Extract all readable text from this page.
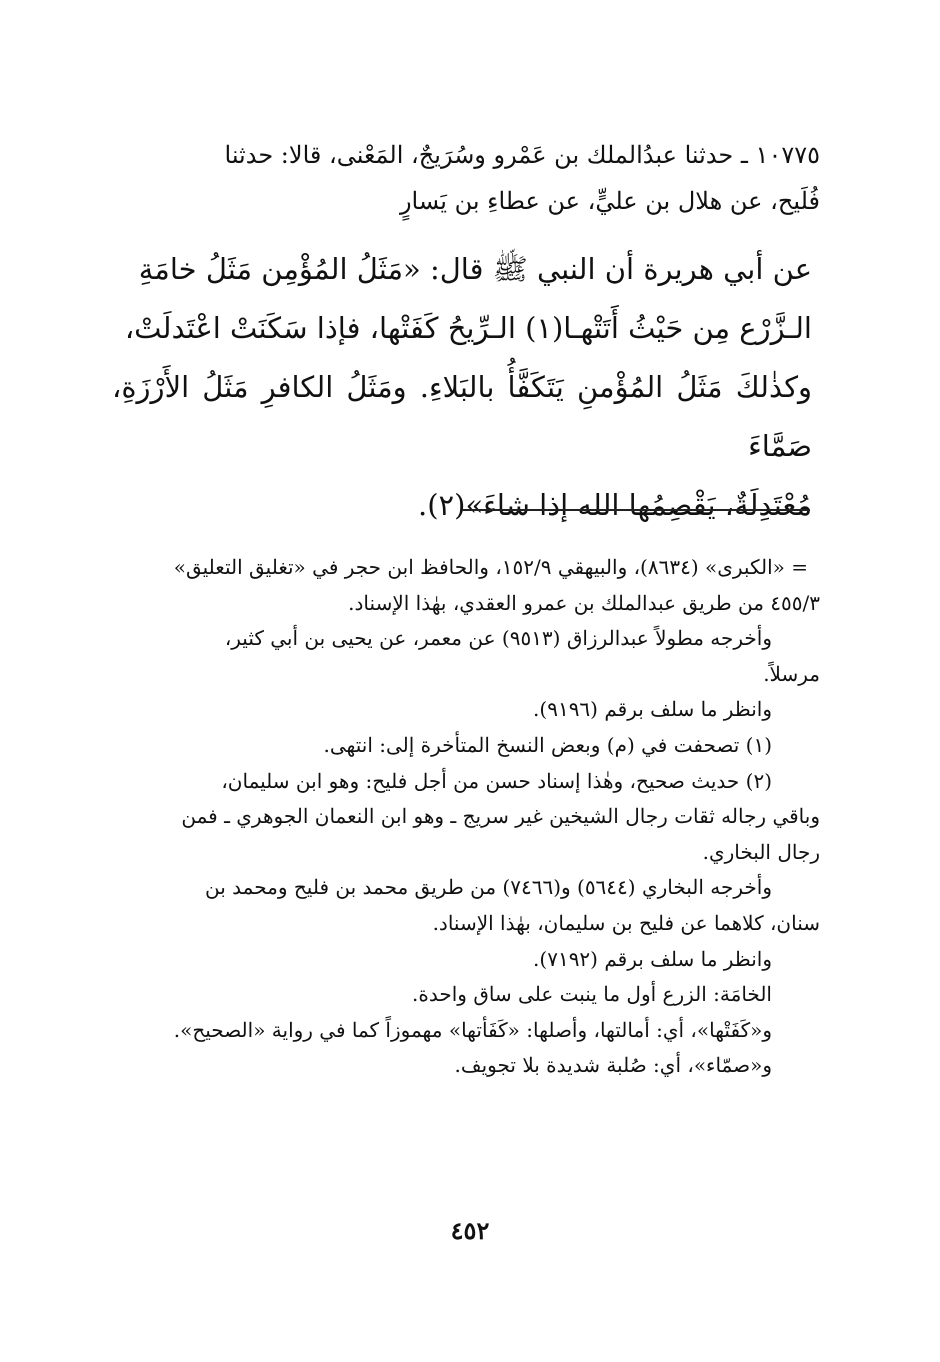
١٠٧٧٥ ـ حدثنا عبدُالملك بن عَمْرو وسُرَيجٌ، المَعْنى، قالا: حدثنا

فُلَيح، عن هلال بن عليٍّ، عن عطاءِ بن يَسارٍ

عن أبي هريرة أن النبي ﷺ قال: «مَثَلُ المُؤْمِن مَثَلُ خامَةِ

الـزَّرْع مِن حَيْثُ أَتَتْهـا(١) الـرِّيحُ كَفَتْها، فإذا سَكَنَتْ اعْتَدلَتْ،

وكذٰلكَ مَثَلُ المُؤْمنِ يَتَكَفَّأُ بالبَلاءِ. ومَثَلُ الكافرِ مَثَلُ الأَرْزَةِ، صَمَّاءَ

مُعْتَدِلَةٌ، يَقْصِمُها الله إذا شاءَ»(٢).

= «الكبرى» (٨٦٣٤)، والبيهقي ١٥٢/٩، والحافظ ابن حجر في «تغليق التعليق»

٤٥٥/٣ من طريق عبدالملك بن عمرو العقدي، بهٰذا الإسناد.

وأخرجه مطولاً عبدالرزاق (٩٥١٣) عن معمر، عن يحيى بن أبي كثير،

مرسلاً.

وانظر ما سلف برقم (٩١٩٦).

(١) تصحفت في (م) وبعض النسخ المتأخرة إلى: انتهى.

(٢) حديث صحيح، وهٰذا إسناد حسن من أجل فليح: وهو ابن سليمان،

وباقي رجاله ثقات رجال الشيخين غير سريج ـ وهو ابن النعمان الجوهري ـ فمن

رجال البخاري.

وأخرجه البخاري (٥٦٤٤) و(٧٤٦٦) من طريق محمد بن فليح ومحمد بن

سنان، كلاهما عن فليح بن سليمان، بهٰذا الإسناد.

وانظر ما سلف برقم (٧١٩٢).

الخامَة: الزرع أول ما ينبت على ساق واحدة.

و«كَفَتْها»، أي: أمالتها، وأصلها: «كَفَأتها» مهموزاً كما في رواية «الصحيح».

و«صمّاء»، أي: صُلبة شديدة بلا تجويف.

٤٥٢
